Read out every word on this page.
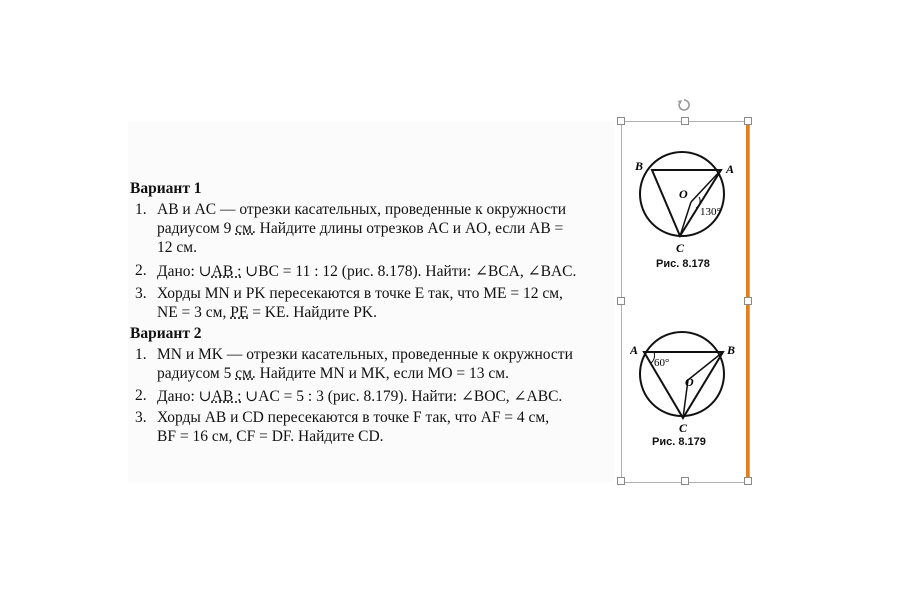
Вариант 1
1. AB и AC — отрезки касательных, проведенные к окружности
радиусом 9 см. Найдите длины отрезков AC и AO, если AB =
12 см.
2. Дано: ∪AB : ∪BC = 11 : 12 (рис. 8.178). Найти: ∠BCA, ∠BAC.
3. Хорды MN и PK пересекаются в точке E так, что ME = 12 см,
NE = 3 см, PE = KE. Найдите PK.
Вариант 2
1. MN и MK — отрезки касательных, проведенные к окружности
радиусом 5 см. Найдите MN и MK, если MO = 13 см.
2. Дано: ∪AB : ∪AC = 5 : 3 (рис. 8.179). Найти: ∠BOC, ∠ABC.
3. Хорды AB и CD пересекаются в точке F так, что AF = 4 см,
BF = 16 см, CF = DF. Найдите CD.
B	A
O
C
130°
Рис. 8.178
A	B
O
C
60°
Рис. 8.179
